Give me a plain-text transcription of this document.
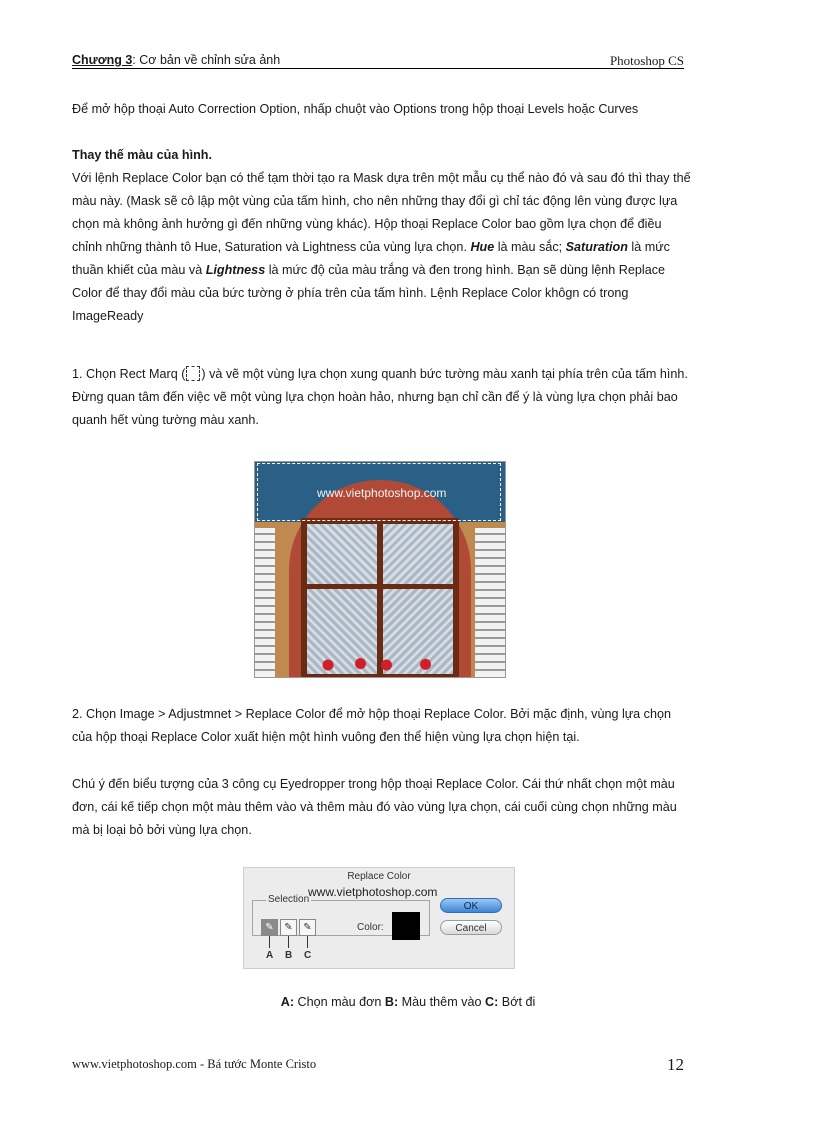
Chương 3: Cơ bản về chỉnh sửa ảnh	Photoshop CS

Để mở hộp thoại Auto Correction Option, nhấp chuột vào Options trong hộp thoại Levels hoặc Curves

Thay thế màu của hình.

Với lệnh Replace Color bạn có thể tạm thời tạo ra Mask dựa trên một mẫu cụ thể nào đó và sau đó thì thay thế màu này. (Mask sẽ cô lập một vùng của tấm hình, cho nên những thay đổi gì chỉ tác động lên vùng được lựa chọn mà không ảnh hưởng gì đến những vùng khác). Hộp thoại Replace Color bao gồm lựa chọn để điều chỉnh những thành tô Hue, Saturation và Lightness của vùng lựa chọn. Hue là màu sắc; Saturation là mức thuần khiết của màu và Lightness là mức độ của màu trắng và đen trong hình. Bạn sẽ dùng lệnh Replace Color để thay đổi màu của bức tường ở phía trên của tấm hình. Lệnh Replace Color khôgn có trong ImageReady

1. Chọn Rect Marq ( ) và vẽ một vùng lựa chọn xung quanh bức tường màu xanh tại phía trên của tấm hình. Đừng quan tâm đến việc vẽ một vùng lựa chọn hoàn hảo, nhưng bạn chỉ cần để ý là vùng lựa chọn phải bao quanh hết vùng tường màu xanh.

www.vietphotoshop.com

2. Chọn Image > Adjustmnet > Replace Color để mở hộp thoại Replace Color. Bởi mặc định, vùng lựa chọn của hộp thoại Replace Color xuất hiện một hình vuông đen thể hiện vùng lựa chọn hiện tại.

Chú ý đến biểu tượng của 3 công cụ Eyedropper trong hộp thoại Replace Color. Cái thứ nhất chọn một màu đơn, cái kế tiếp chọn một màu thêm vào và thêm màu đó vào vùng lựa chọn, cái cuối cùng chọn những màu mà bị loại bỏ bởi vùng lựa chọn.

Replace Color
Selection
www.vietphotoshop.com
✎	✎	✎
A B C
Color:
OK
Cancel
A: Chọn màu đơn B: Màu thêm vào C: Bớt đi
www.vietphotoshop.com - Bá tước Monte Cristo	12
